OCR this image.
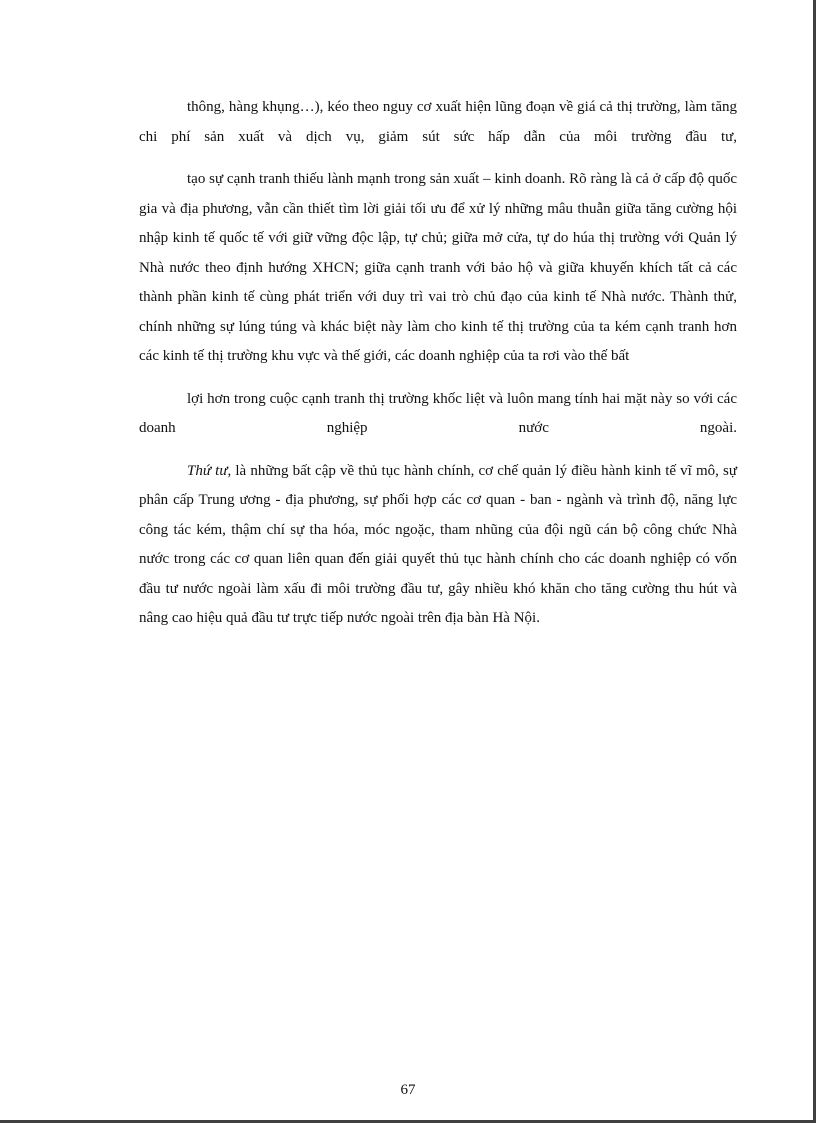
thông, hàng khụng…), kéo theo nguy cơ xuất hiện lũng đoạn về giá cả thị trường, làm tăng chi phí sản xuất và dịch vụ, giảm sút sức hấp dẫn của môi trường đầu tư,

tạo sự cạnh tranh thiếu lành mạnh trong sản xuất – kinh doanh. Rõ ràng là cả ở cấp độ quốc gia và địa phương, vẫn cần thiết tìm lời giải tối ưu để xử lý những mâu thuẫn giữa tăng cường hội nhập kinh tế quốc tế với giữ vững độc lập, tự chủ; giữa mở cửa, tự do húa thị trường với Quản lý Nhà nước theo định hướng XHCN; giữa cạnh tranh với bảo hộ và giữa khuyến khích tất cả các thành phần kinh tế cùng phát triển với duy trì vai trò chủ đạo của kinh tế Nhà nước. Thành thử, chính những sự lúng túng và khác biệt này làm cho kinh tế thị trường của ta kém cạnh tranh hơn các kinh tế thị trường khu vực và thế giới, các doanh nghiệp của ta rơi vào thế bất

lợi hơn trong cuộc cạnh tranh thị trường khốc liệt và luôn mang tính hai mặt này so với các doanh nghiệp nước ngoài.

Thứ tư, là những bất cập về thủ tục hành chính, cơ chế quản lý điều hành kinh tế vĩ mô, sự phân cấp Trung ương - địa phương, sự phối hợp các cơ quan - ban - ngành và trình độ, năng lực công tác kém, thậm chí sự tha hóa, móc ngoặc, tham nhũng của đội ngũ cán bộ công chức Nhà nước trong các cơ quan liên quan đến giải quyết thủ tục hành chính cho các doanh nghiệp có vốn đầu tư nước ngoài làm xấu đi môi trường đầu tư, gây nhiều khó khăn cho tăng cường thu hút và nâng cao hiệu quả đầu tư trực tiếp nước ngoài trên địa bàn Hà Nội.

67
